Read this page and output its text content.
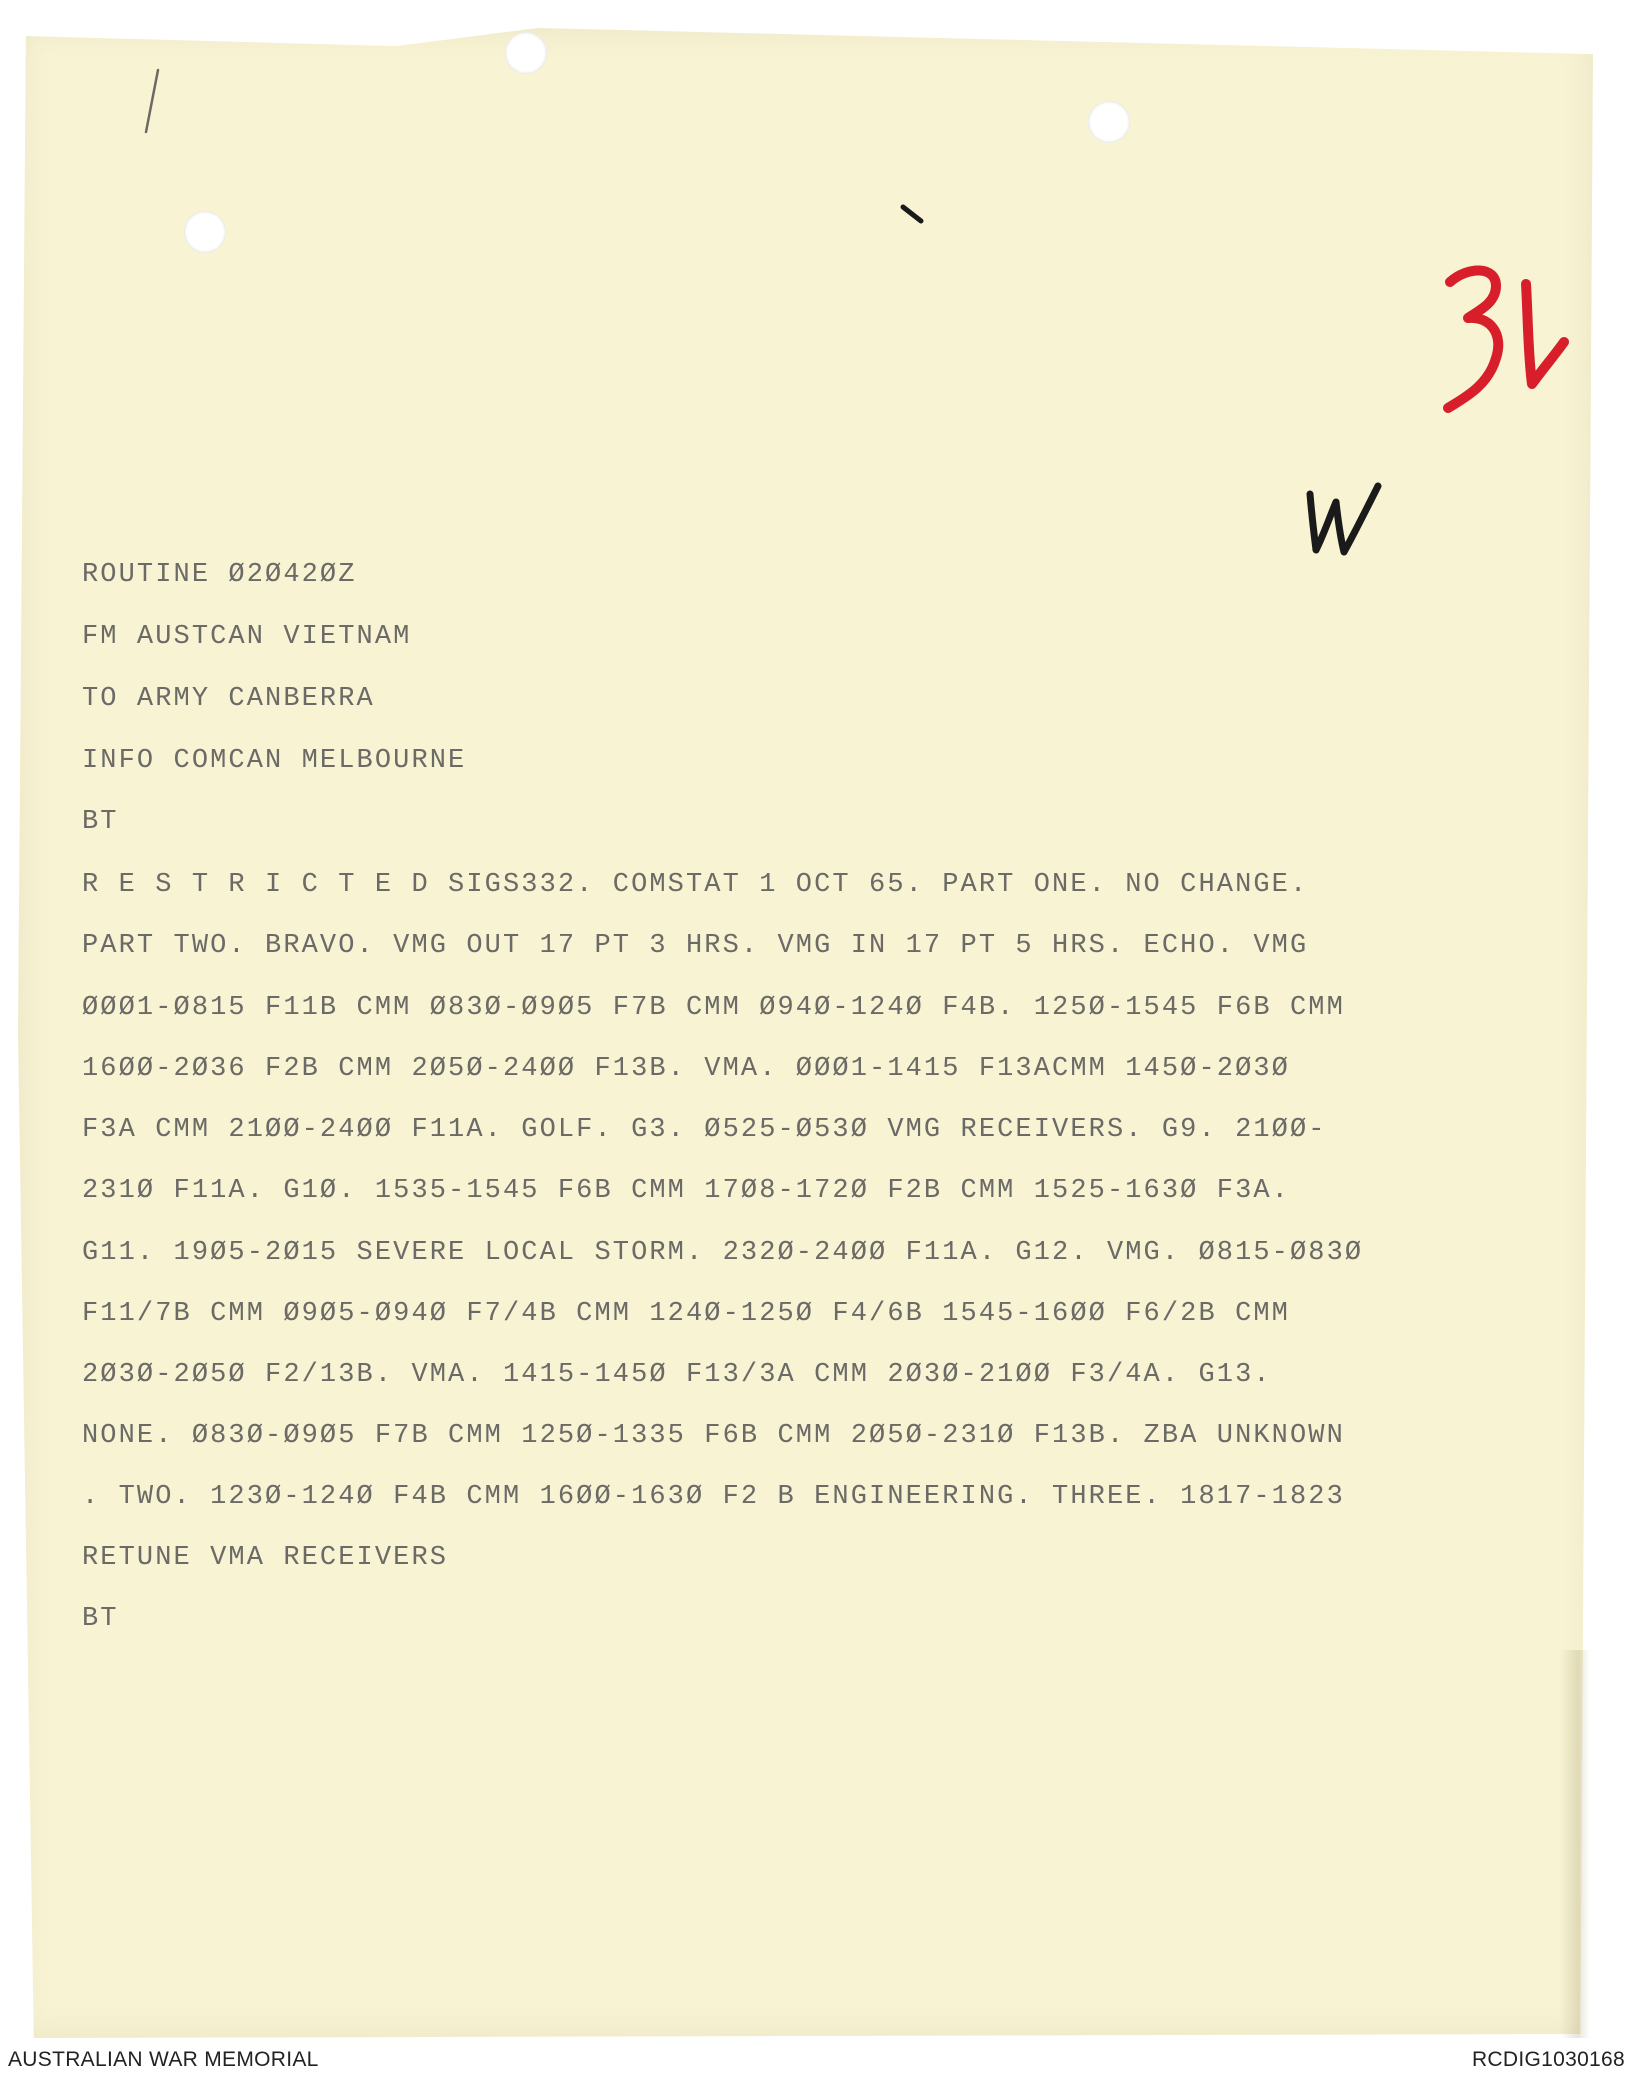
ROUTINE Ø2Ø42ØZ

FM AUSTCAN VIETNAM

TO ARMY CANBERRA

INFO COMCAN MELBOURNE

BT

R E S T R I C T E D SIGS332. COMSTAT 1 OCT 65. PART ONE. NO CHANGE.

PART TWO. BRAVO. VMG OUT 17 PT 3 HRS. VMG IN 17 PT 5 HRS. ECHO. VMG

ØØØ1-Ø815 F11B CMM Ø83Ø-Ø9Ø5 F7B CMM Ø94Ø-124Ø F4B. 125Ø-1545 F6B CMM

16ØØ-2Ø36 F2B CMM 2Ø5Ø-24ØØ F13B. VMA. ØØØ1-1415 F13ACMM 145Ø-2Ø3Ø

F3A CMM 21ØØ-24ØØ F11A. GOLF. G3. Ø525-Ø53Ø VMG RECEIVERS. G9. 21ØØ-

231Ø F11A. G1Ø. 1535-1545 F6B CMM 17Ø8-172Ø F2B CMM 1525-163Ø F3A.

G11. 19Ø5-2Ø15 SEVERE LOCAL STORM. 232Ø-24ØØ F11A. G12. VMG. Ø815-Ø83Ø

F11/7B CMM Ø9Ø5-Ø94Ø F7/4B CMM 124Ø-125Ø F4/6B 1545-16ØØ F6/2B CMM

2Ø3Ø-2Ø5Ø F2/13B. VMA. 1415-145Ø F13/3A CMM 2Ø3Ø-21ØØ F3/4A. G13.

NONE. Ø83Ø-Ø9Ø5 F7B CMM 125Ø-1335 F6B CMM 2Ø5Ø-231Ø F13B. ZBA UNKNOWN

. TWO. 123Ø-124Ø F4B CMM 16ØØ-163Ø F2 B ENGINEERING. THREE. 1817-1823

RETUNE VMA RECEIVERS

BT

AUSTRALIAN WAR MEMORIAL	RCDIG1030168
